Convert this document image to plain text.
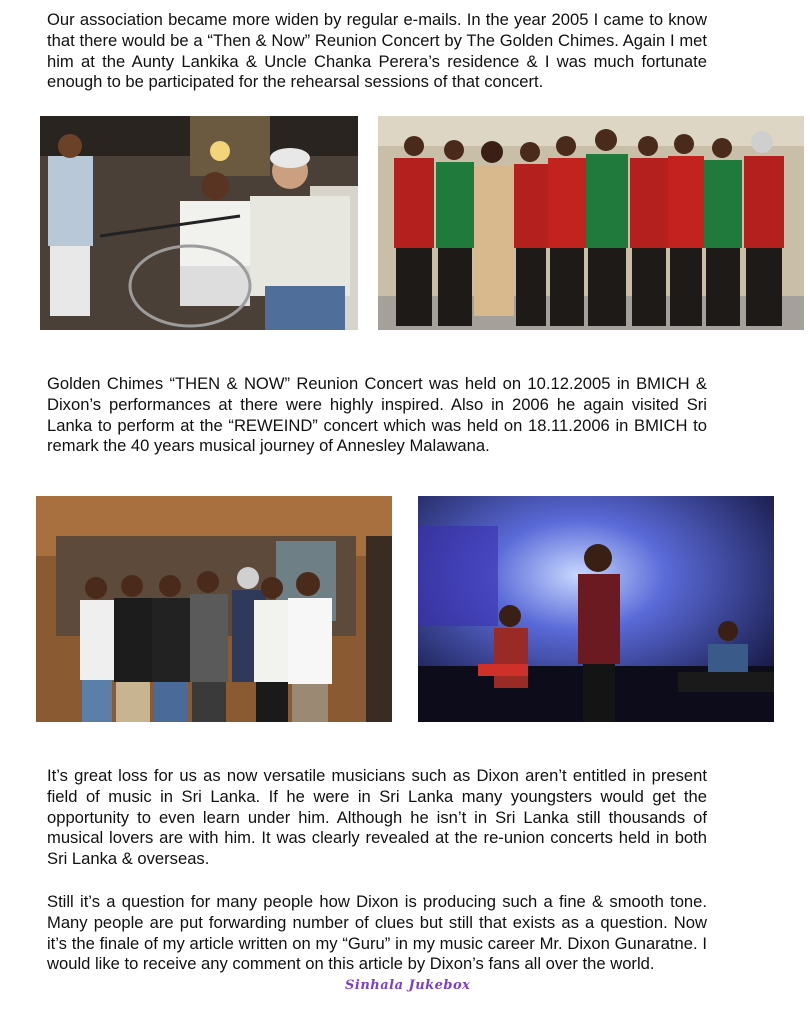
Our association became more widen by regular e-mails. In the year 2005 I came to know that there would be a “Then & Now” Reunion Concert by The Golden Chimes. Again I met him at the Aunty Lankika & Uncle Chanka Perera’s residence & I was much fortunate enough to be participated for the rehearsal sessions of that concert.

Golden Chimes “THEN & NOW” Reunion Concert was held on 10.12.2005 in BMICH & Dixon’s performances at there were highly inspired. Also in 2006 he again visited Sri Lanka to perform at the “REWEIND” concert which was held on 18.11.2006 in BMICH to remark the 40 years musical journey of Annesley Malawana.

It’s great loss for us as now versatile musicians such as Dixon aren’t entitled in present field of music in Sri Lanka. If he were in Sri Lanka many youngsters would get the opportunity to even learn under him. Although he isn’t in Sri Lanka still thousands of musical lovers are with him. It was clearly revealed at the re-union concerts held in both Sri Lanka & overseas.

Still it’s a question for many people how Dixon is producing such a fine & smooth tone. Many people are put forwarding number of clues but still that exists as a question. Now it’s the finale of my article written on my “Guru” in my music career Mr. Dixon Gunaratne. I would like to receive any comment on this article by Dixon’s fans all over the world.

Sinhala Jukebox
